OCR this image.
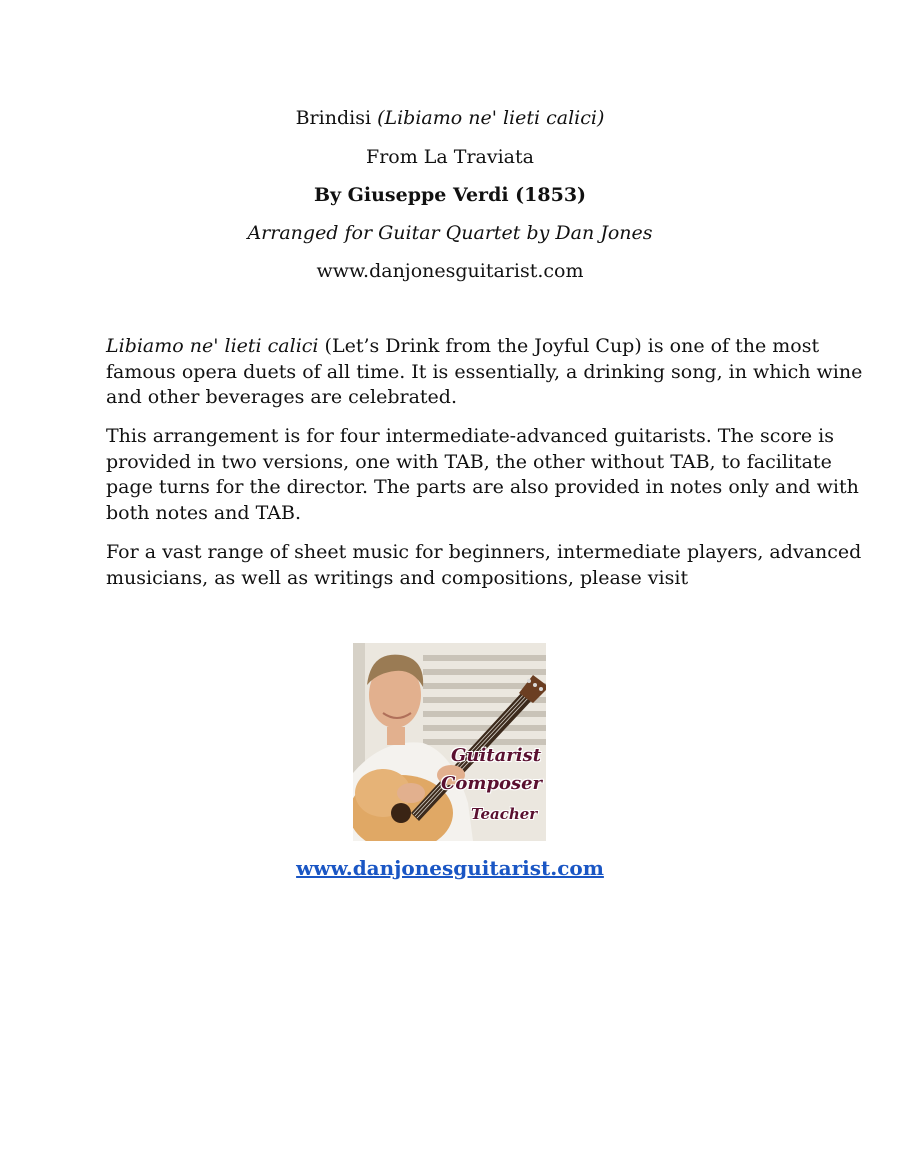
Brindisi (Libiamo ne' lieti calici)
From La Traviata
By Giuseppe Verdi (1853)
Arranged for Guitar Quartet by Dan Jones
www.danjonesguitarist.com

Libiamo ne' lieti calici (Let’s Drink from the Joyful Cup) is one of the most
famous opera duets of all time. It is essentially, a drinking song, in which wine
and other beverages are celebrated.

This arrangement is for four intermediate-advanced guitarists. The score is
provided in two versions, one with TAB, the other without TAB, to facilitate
page turns for the director. The parts are also provided in notes only and with
both notes and TAB.

For a vast range of sheet music for beginners, intermediate players, advanced
musicians, as well as writings and compositions, please visit

Guitarist
Composer
Teacher
www.danjonesguitarist.com
